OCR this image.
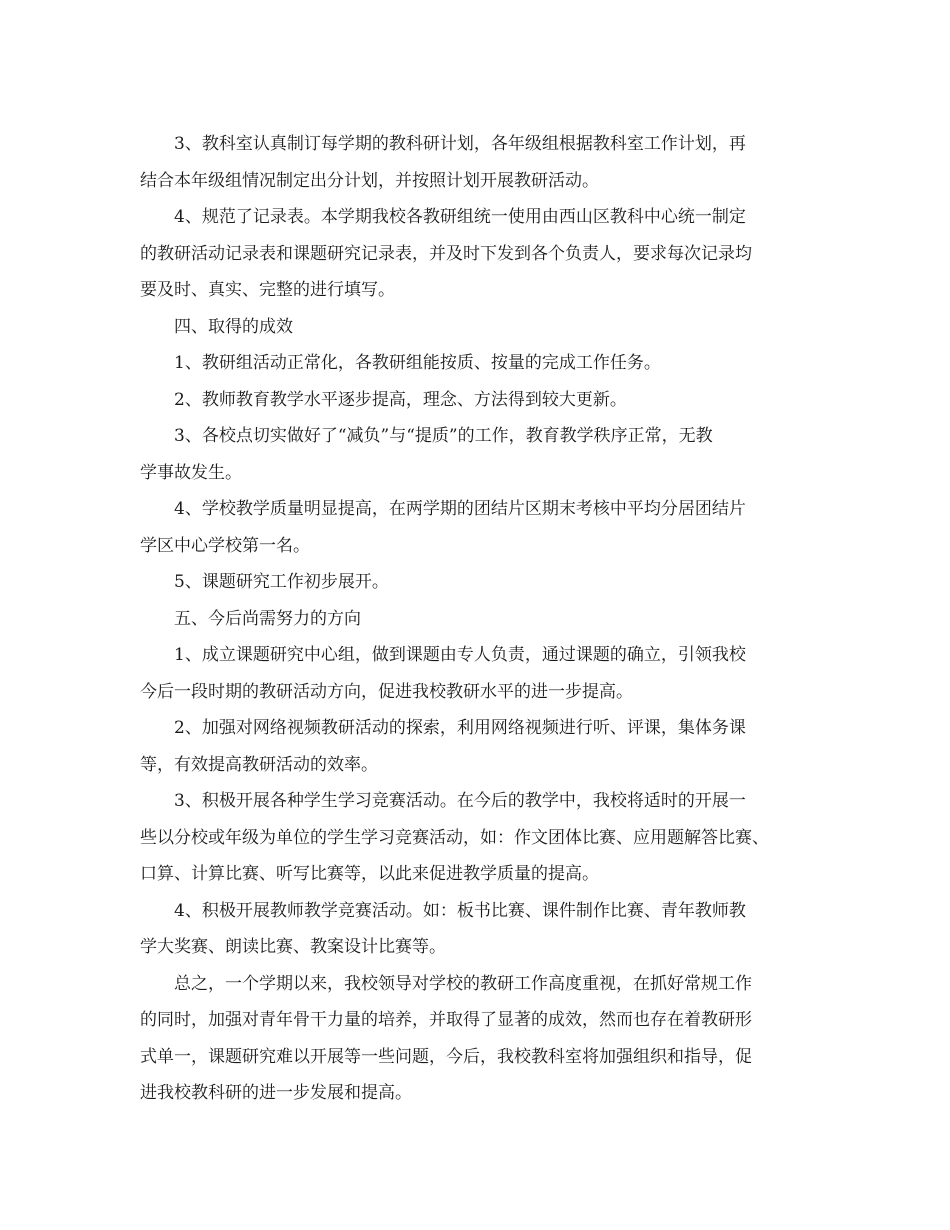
3、教科室认真制订每学期的教科研计划，各年级组根据教科室工作计划，再
结合本年级组情况制定出分计划，并按照计划开展教研活动。
4、规范了记录表。本学期我校各教研组统一使用由西山区教科中心统一制定
的教研活动记录表和课题研究记录表，并及时下发到各个负责人，要求每次记录均
要及时、真实、完整的进行填写。
四、取得的成效
1、教研组活动正常化，各教研组能按质、按量的完成工作任务。
2、教师教育教学水平逐步提高，理念、方法得到较大更新。
3、各校点切实做好了“减负”与“提质”的工作，教育教学秩序正常，无教
学事故发生。
4、学校教学质量明显提高，在两学期的团结片区期末考核中平均分居团结片
学区中心学校第一名。
5、课题研究工作初步展开。
五、今后尚需努力的方向
1、成立课题研究中心组，做到课题由专人负责，通过课题的确立，引领我校
今后一段时期的教研活动方向，促进我校教研水平的进一步提高。
2、加强对网络视频教研活动的探索，利用网络视频进行听、评课，集体务课
等，有效提高教研活动的效率。
3、积极开展各种学生学习竞赛活动。在今后的教学中，我校将适时的开展一
些以分校或年级为单位的学生学习竞赛活动，如：作文团体比赛、应用题解答比赛、
口算、计算比赛、听写比赛等，以此来促进教学质量的提高。
4、积极开展教师教学竞赛活动。如：板书比赛、课件制作比赛、青年教师教
学大奖赛、朗读比赛、教案设计比赛等。
总之，一个学期以来，我校领导对学校的教研工作高度重视，在抓好常规工作
的同时，加强对青年骨干力量的培养，并取得了显著的成效，然而也存在着教研形
式单一，课题研究难以开展等一些问题，今后，我校教科室将加强组织和指导，促
进我校教科研的进一步发展和提高。
